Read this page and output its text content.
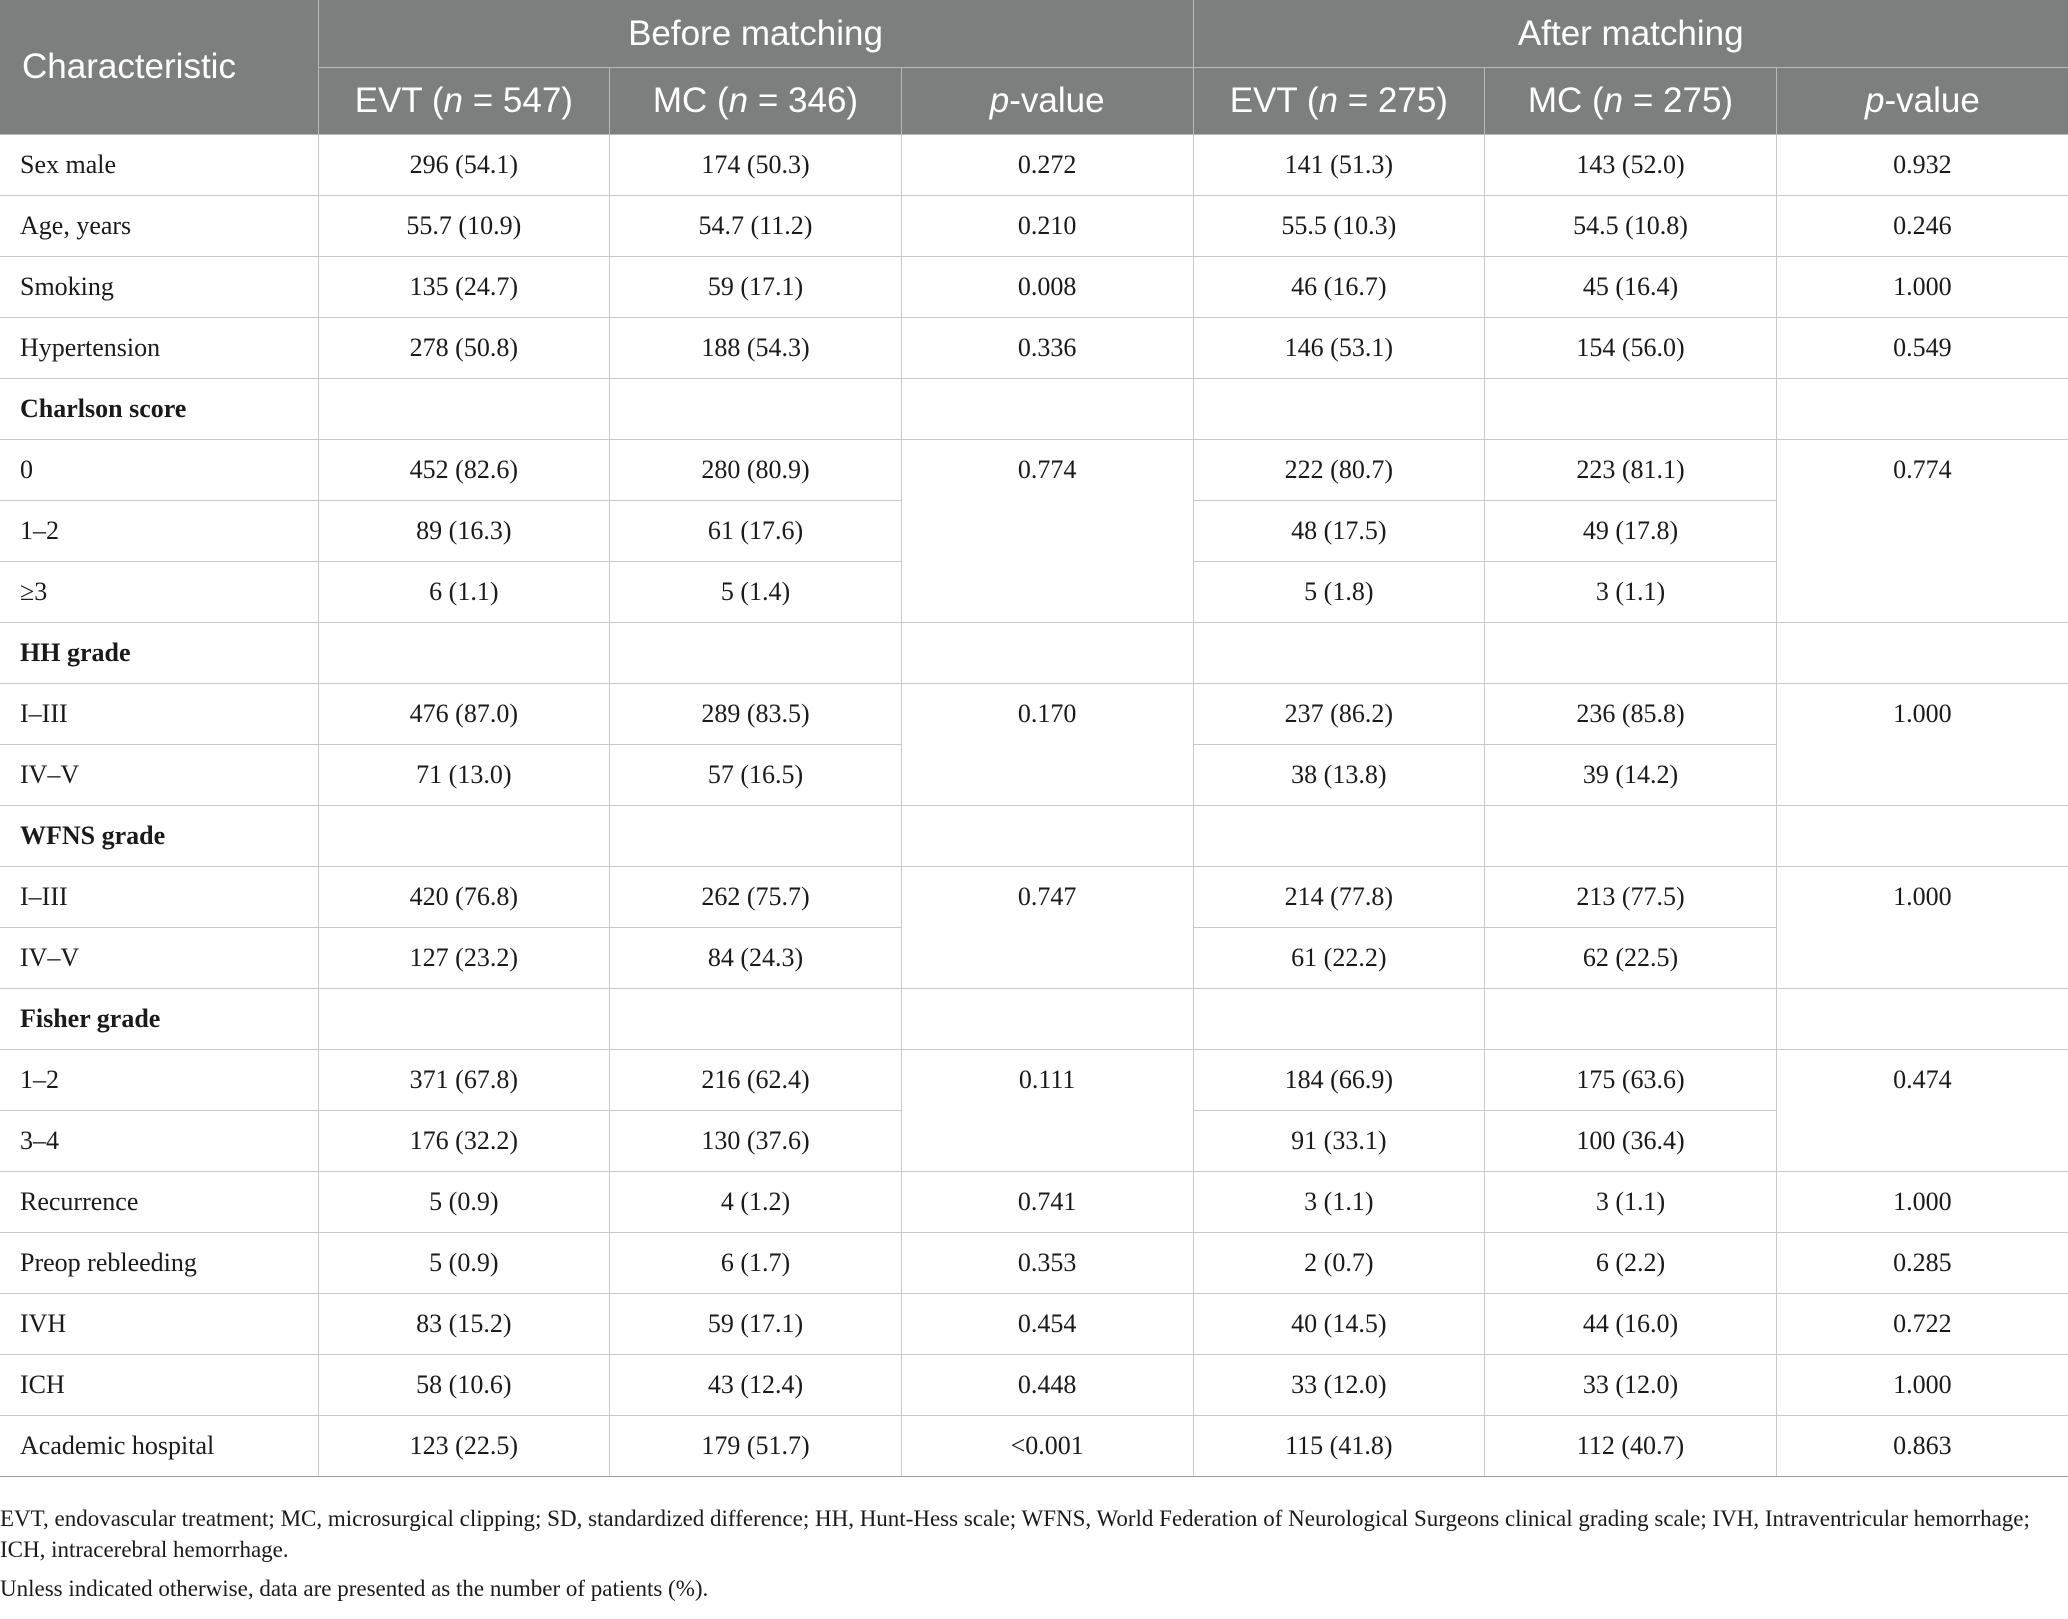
Characteristic	Before matching			After matching		
	EVT (n = 547)	MC (n = 346)	p-value	EVT (n = 275)	MC (n = 275)	p-value
Sex male	296 (54.1)	174 (50.3)	0.272	141 (51.3)	143 (52.0)	0.932
Age, years	55.7 (10.9)	54.7 (11.2)	0.210	55.5 (10.3)	54.5 (10.8)	0.246
Smoking	135 (24.7)	59 (17.1)	0.008	46 (16.7)	45 (16.4)	1.000
Hypertension	278 (50.8)	188 (54.3)	0.336	146 (53.1)	154 (56.0)	0.549
Charlson score						
0	452 (82.6)	280 (80.9)	0.774	222 (80.7)	223 (81.1)	0.774
1–2	89 (16.3)	61 (17.6)		48 (17.5)	49 (17.8)	
≥3	6 (1.1)	5 (1.4)		5 (1.8)	3 (1.1)	
HH grade						
I–III	476 (87.0)	289 (83.5)	0.170	237 (86.2)	236 (85.8)	1.000
IV–V	71 (13.0)	57 (16.5)		38 (13.8)	39 (14.2)	
WFNS grade						
I–III	420 (76.8)	262 (75.7)	0.747	214 (77.8)	213 (77.5)	1.000
IV–V	127 (23.2)	84 (24.3)		61 (22.2)	62 (22.5)	
Fisher grade						
1–2	371 (67.8)	216 (62.4)	0.111	184 (66.9)	175 (63.6)	0.474
3–4	176 (32.2)	130 (37.6)		91 (33.1)	100 (36.4)	
Recurrence	5 (0.9)	4 (1.2)	0.741	3 (1.1)	3 (1.1)	1.000
Preop rebleeding	5 (0.9)	6 (1.7)	0.353	2 (0.7)	6 (2.2)	0.285
IVH	83 (15.2)	59 (17.1)	0.454	40 (14.5)	44 (16.0)	0.722
ICH	58 (10.6)	43 (12.4)	0.448	33 (12.0)	33 (12.0)	1.000
Academic hospital	123 (22.5)	179 (51.7)	<0.001	115 (41.8)	112 (40.7)	0.863

EVT, endovascular treatment; MC, microsurgical clipping; SD, standardized difference; HH, Hunt-Hess scale; WFNS, World Federation of Neurological Surgeons clinical grading scale; IVH, Intraventricular hemorrhage; ICH, intracerebral hemorrhage.

Unless indicated otherwise, data are presented as the number of patients (%).
